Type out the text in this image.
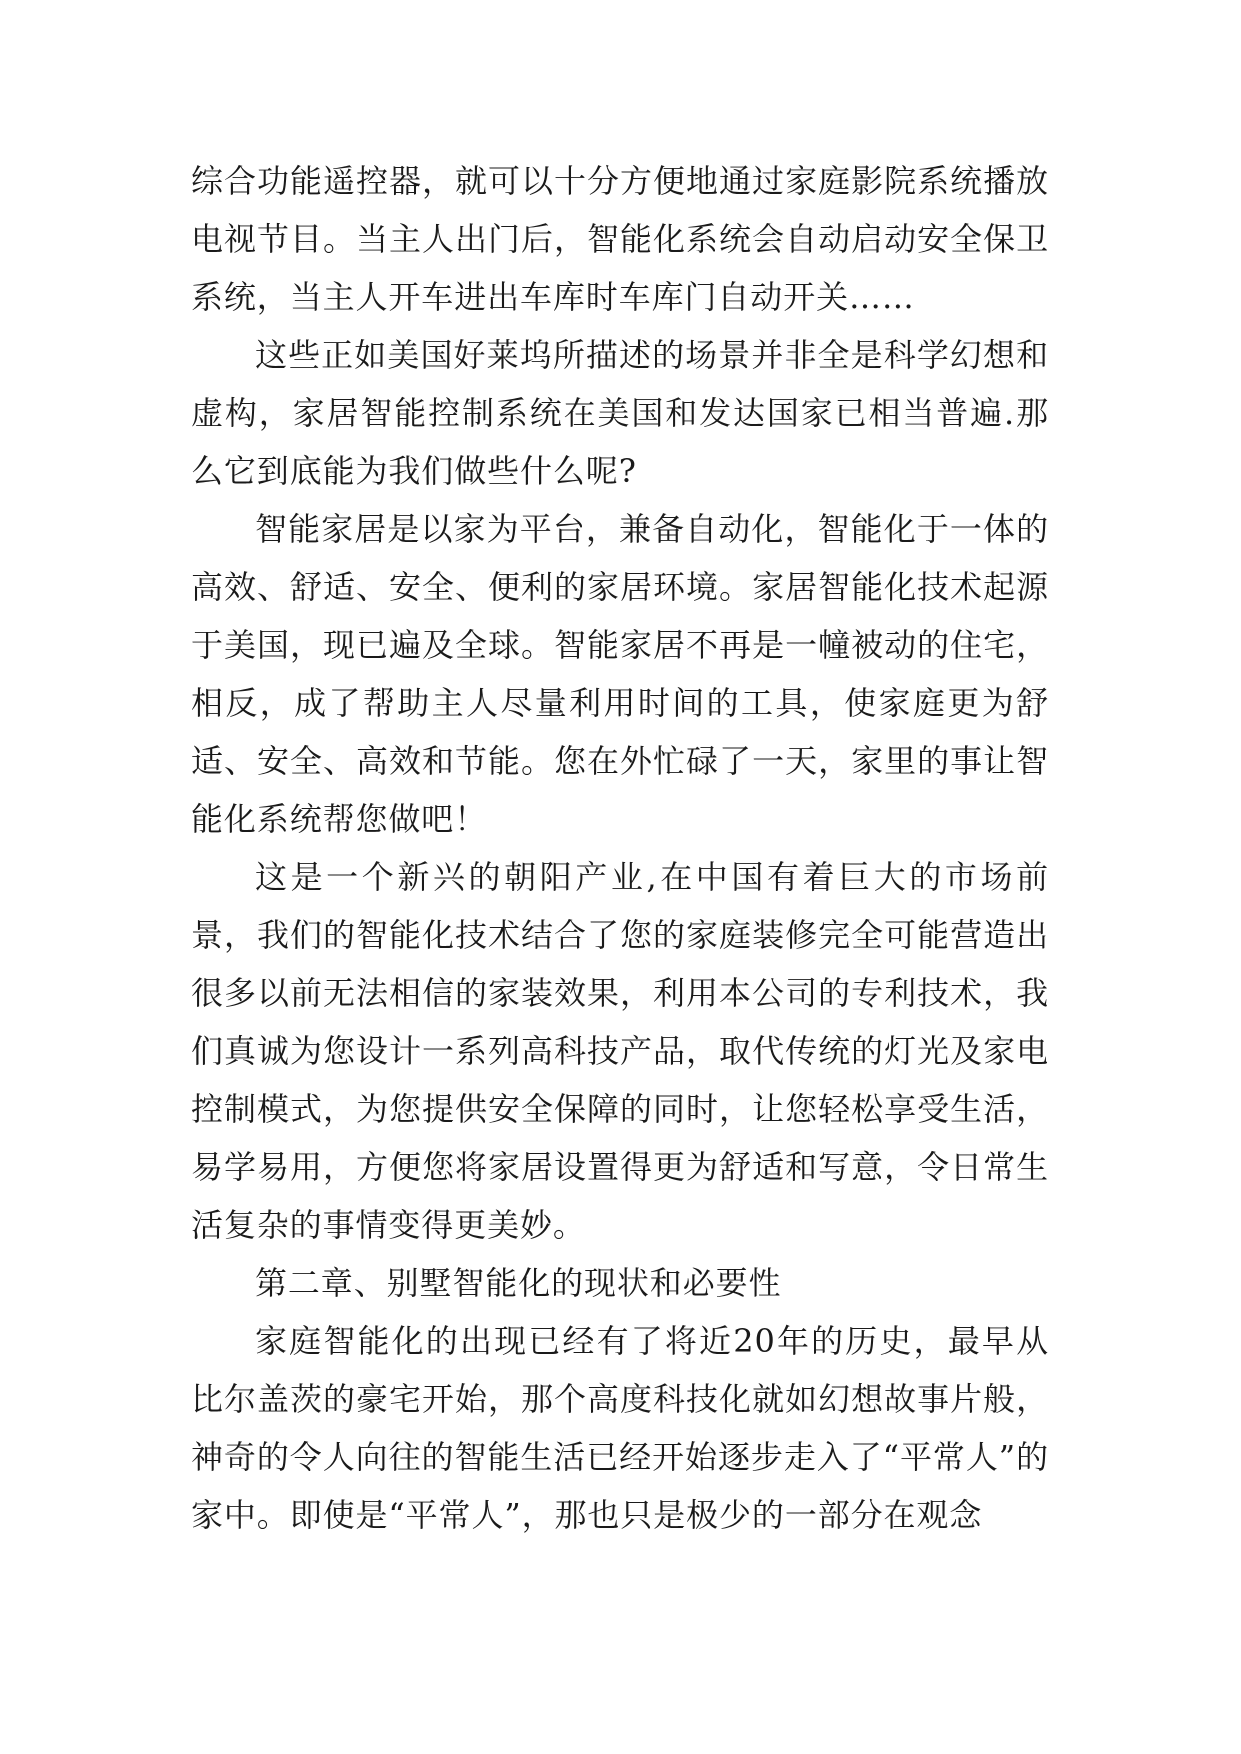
综合功能遥控器，就可以十分方便地通过家庭影院系统播放电视节目。当主人出门后，智能化系统会自动启动安全保卫系统，当主人开车进出车库时车库门自动开关……

这些正如美国好莱坞所描述的场景并非全是科学幻想和虚构，家居智能控制系统在美国和发达国家已相当普遍.那么它到底能为我们做些什么呢?

智能家居是以家为平台，兼备自动化，智能化于一体的高效、舒适、安全、便利的家居环境。家居智能化技术起源于美国，现已遍及全球。智能家居不再是一幢被动的住宅，相反，成了帮助主人尽量利用时间的工具，使家庭更为舒适、安全、高效和节能。您在外忙碌了一天，家里的事让智能化系统帮您做吧！

这是一个新兴的朝阳产业,在中国有着巨大的市场前景，我们的智能化技术结合了您的家庭装修完全可能营造出很多以前无法相信的家装效果，利用本公司的专利技术，我们真诚为您设计一系列高科技产品，取代传统的灯光及家电控制模式，为您提供安全保障的同时，让您轻松享受生活，易学易用，方便您将家居设置得更为舒适和写意，令日常生活复杂的事情变得更美妙。

第二章、别墅智能化的现状和必要性

家庭智能化的出现已经有了将近20年的历史，最早从比尔盖茨的豪宅开始，那个高度科技化就如幻想故事片般，神奇的令人向往的智能生活已经开始逐步走入了“平常人”的家中。即使是“平常人”，那也只是极少的一部分在观念
